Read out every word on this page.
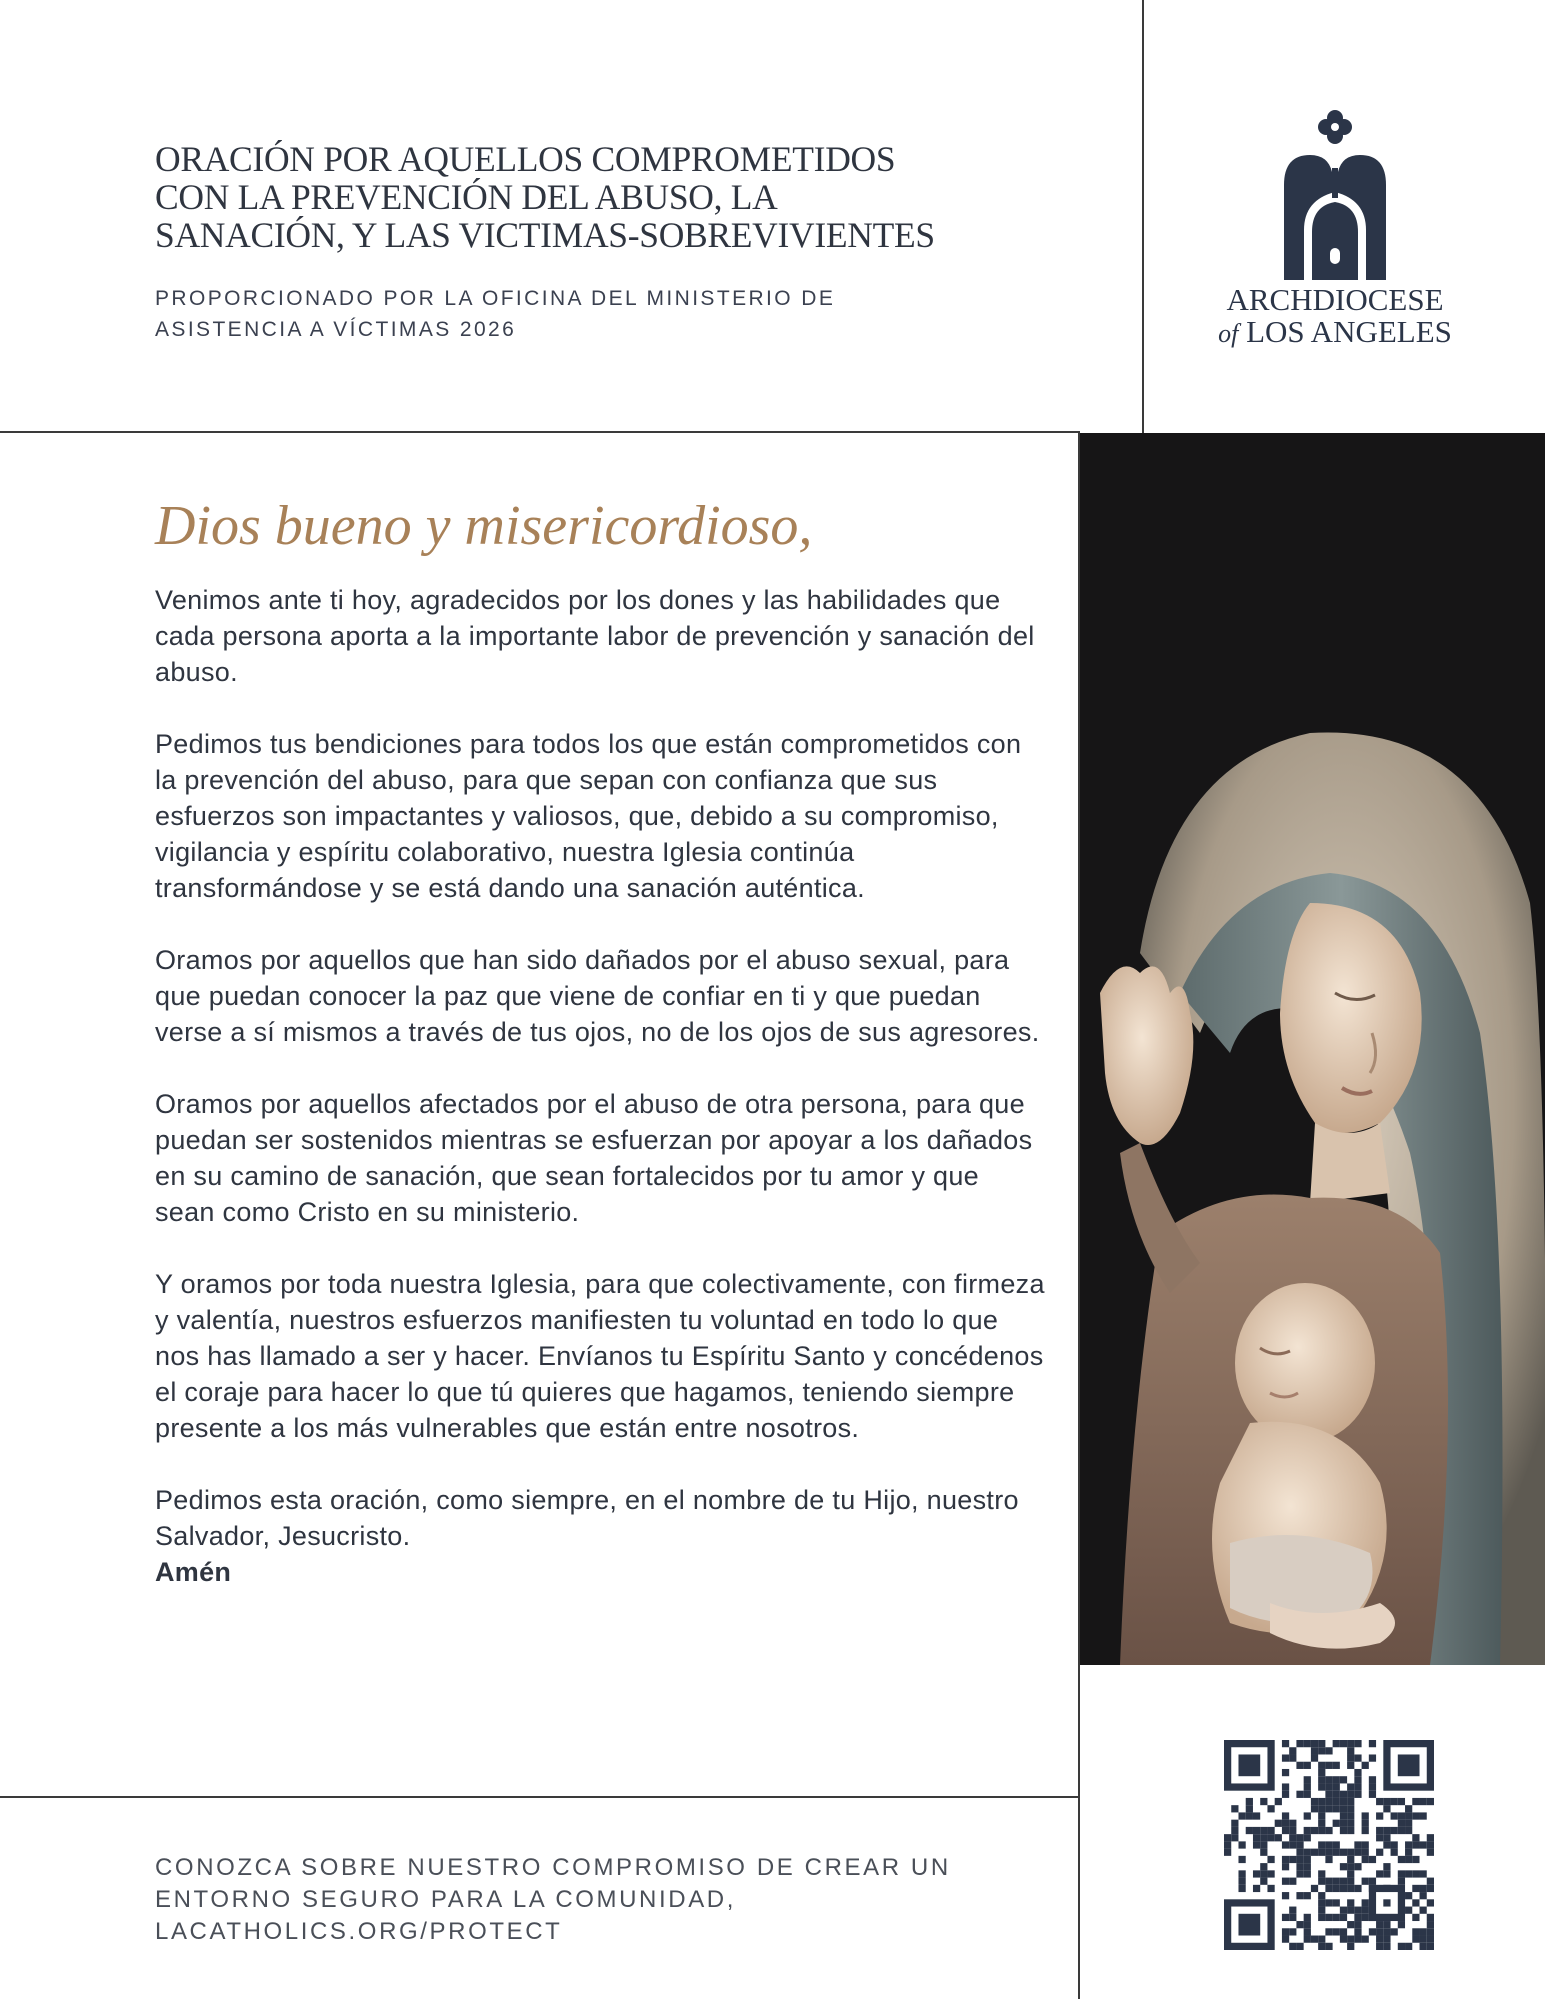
ORACIÓN POR AQUELLOS COMPROMETIDOS
CON LA PREVENCIÓN DEL ABUSO, LA
SANACIÓN, Y LAS VICTIMAS-SOBREVIVIENTES
PROPORCIONADO POR LA OFICINA DEL MINISTERIO DE
ASISTENCIA A VÍCTIMAS 2026
ARCHDIOCESE
of LOS ANGELES
Dios bueno y misericordioso,

Venimos ante ti hoy, agradecidos por los dones y las habilidades que cada persona aporta a la importante labor de prevención y sanación del abuso.

Pedimos tus bendiciones para todos los que están comprometidos con la prevención del abuso, para que sepan con confianza que sus esfuerzos son impactantes y valiosos, que, debido a su compromiso, vigilancia y espíritu colaborativo, nuestra Iglesia continúa transformándose y se está dando una sanación auténtica.

Oramos por aquellos que han sido dañados por el abuso sexual, para que puedan conocer la paz que viene de confiar en ti y que puedan verse a sí mismos a través de tus ojos, no de los ojos de sus agresores.

Oramos por aquellos afectados por el abuso de otra persona, para que puedan ser sostenidos mientras se esfuerzan por apoyar a los dañados en su camino de sanación, que sean fortalecidos por tu amor y que sean como Cristo en su ministerio.

Y oramos por toda nuestra Iglesia, para que colectivamente, con firmeza y valentía, nuestros esfuerzos manifiesten tu voluntad en todo lo que nos has llamado a ser y hacer. Envíanos tu Espíritu Santo y concédenos el coraje para hacer lo que tú quieres que hagamos, teniendo siempre presente a los más vulnerables que están entre nosotros.

Pedimos esta oración, como siempre, en el nombre de tu Hijo, nuestro Salvador, Jesucristo.
Amén

CONOZCA SOBRE NUESTRO COMPROMISO DE CREAR UN
ENTORNO SEGURO PARA LA COMUNIDAD,
LACATHOLICS.ORG/PROTECT
